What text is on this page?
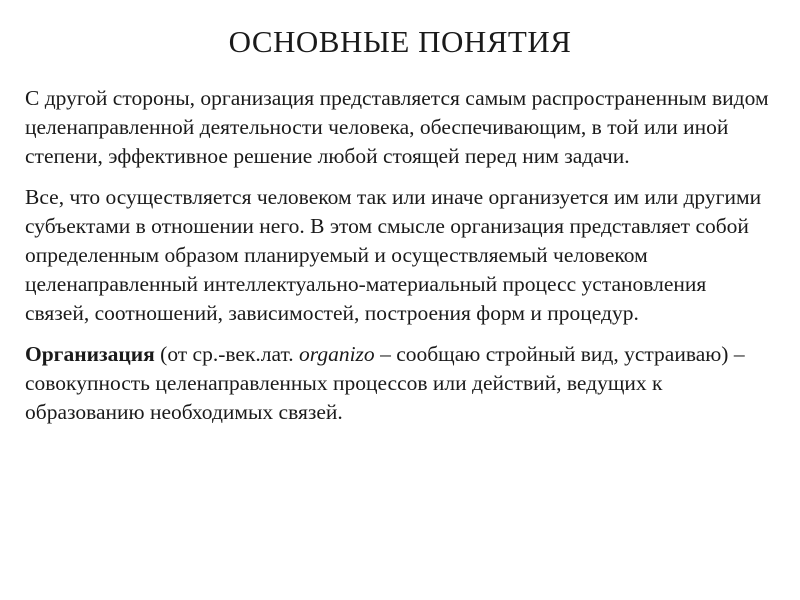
ОСНОВНЫЕ ПОНЯТИЯ

С другой стороны, организация представляется самым распространенным видом целенаправленной деятельности человека, обеспечивающим, в той или иной степени, эффективное решение любой стоящей перед ним задачи.

Все, что осуществляется человеком так или иначе организуется им или другими субъектами в отношении него. В этом смысле организация представляет собой определенным образом планируемый и осуществляемый человеком целенаправленный интеллектуально-материальный процесс установления связей, соотношений, зависимостей, построения форм и процедур.

Организация (от ср.-век.лат. organizo – сообщаю стройный вид, устраиваю) – совокупность целенаправленных процессов или действий, ведущих к образованию необходимых связей.
